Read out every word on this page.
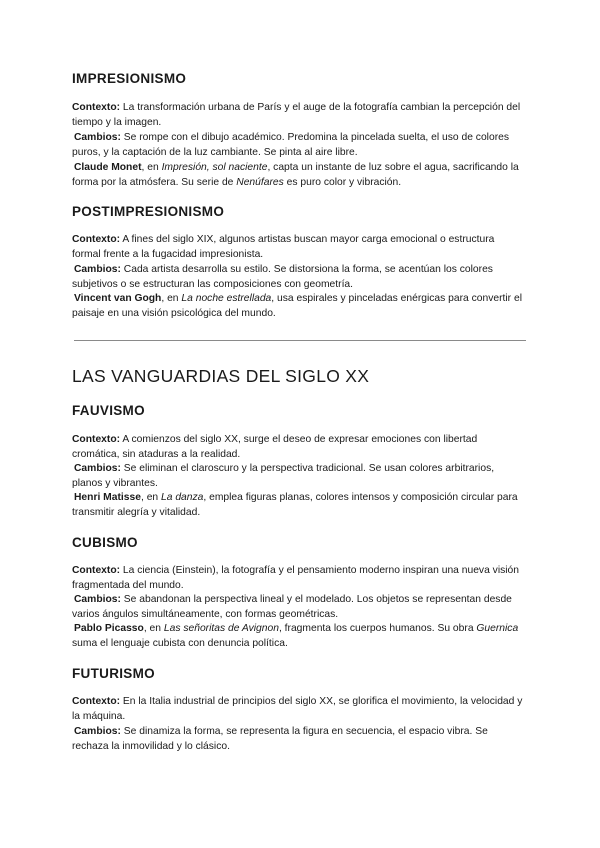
IMPRESIONISMO

Contexto: La transformación urbana de París y el auge de la fotografía cambian la percepción del tiempo y la imagen.

Cambios: Se rompe con el dibujo académico. Predomina la pincelada suelta, el uso de colores puros, y la captación de la luz cambiante. Se pinta al aire libre.

Claude Monet, en Impresión, sol naciente, capta un instante de luz sobre el agua, sacrificando la forma por la atmósfera. Su serie de Nenúfares es puro color y vibración.

POSTIMPRESIONISMO

Contexto: A fines del siglo XIX, algunos artistas buscan mayor carga emocional o estructura formal frente a la fugacidad impresionista.

Cambios: Cada artista desarrolla su estilo. Se distorsiona la forma, se acentúan los colores subjetivos o se estructuran las composiciones con geometría.

Vincent van Gogh, en La noche estrellada, usa espirales y pinceladas enérgicas para convertir el paisaje en una visión psicológica del mundo.

LAS VANGUARDIAS DEL SIGLO XX
FAUVISMO

Contexto: A comienzos del siglo XX, surge el deseo de expresar emociones con libertad cromática, sin ataduras a la realidad.

Cambios: Se eliminan el claroscuro y la perspectiva tradicional. Se usan colores arbitrarios, planos y vibrantes.

Henri Matisse, en La danza, emplea figuras planas, colores intensos y composición circular para transmitir alegría y vitalidad.

CUBISMO

Contexto: La ciencia (Einstein), la fotografía y el pensamiento moderno inspiran una nueva visión fragmentada del mundo.

Cambios: Se abandonan la perspectiva lineal y el modelado. Los objetos se representan desde varios ángulos simultáneamente, con formas geométricas.

Pablo Picasso, en Las señoritas de Avignon, fragmenta los cuerpos humanos. Su obra Guernica suma el lenguaje cubista con denuncia política.

FUTURISMO

Contexto: En la Italia industrial de principios del siglo XX, se glorifica el movimiento, la velocidad y la máquina.

Cambios: Se dinamiza la forma, se representa la figura en secuencia, el espacio vibra. Se rechaza la inmovilidad y lo clásico.
